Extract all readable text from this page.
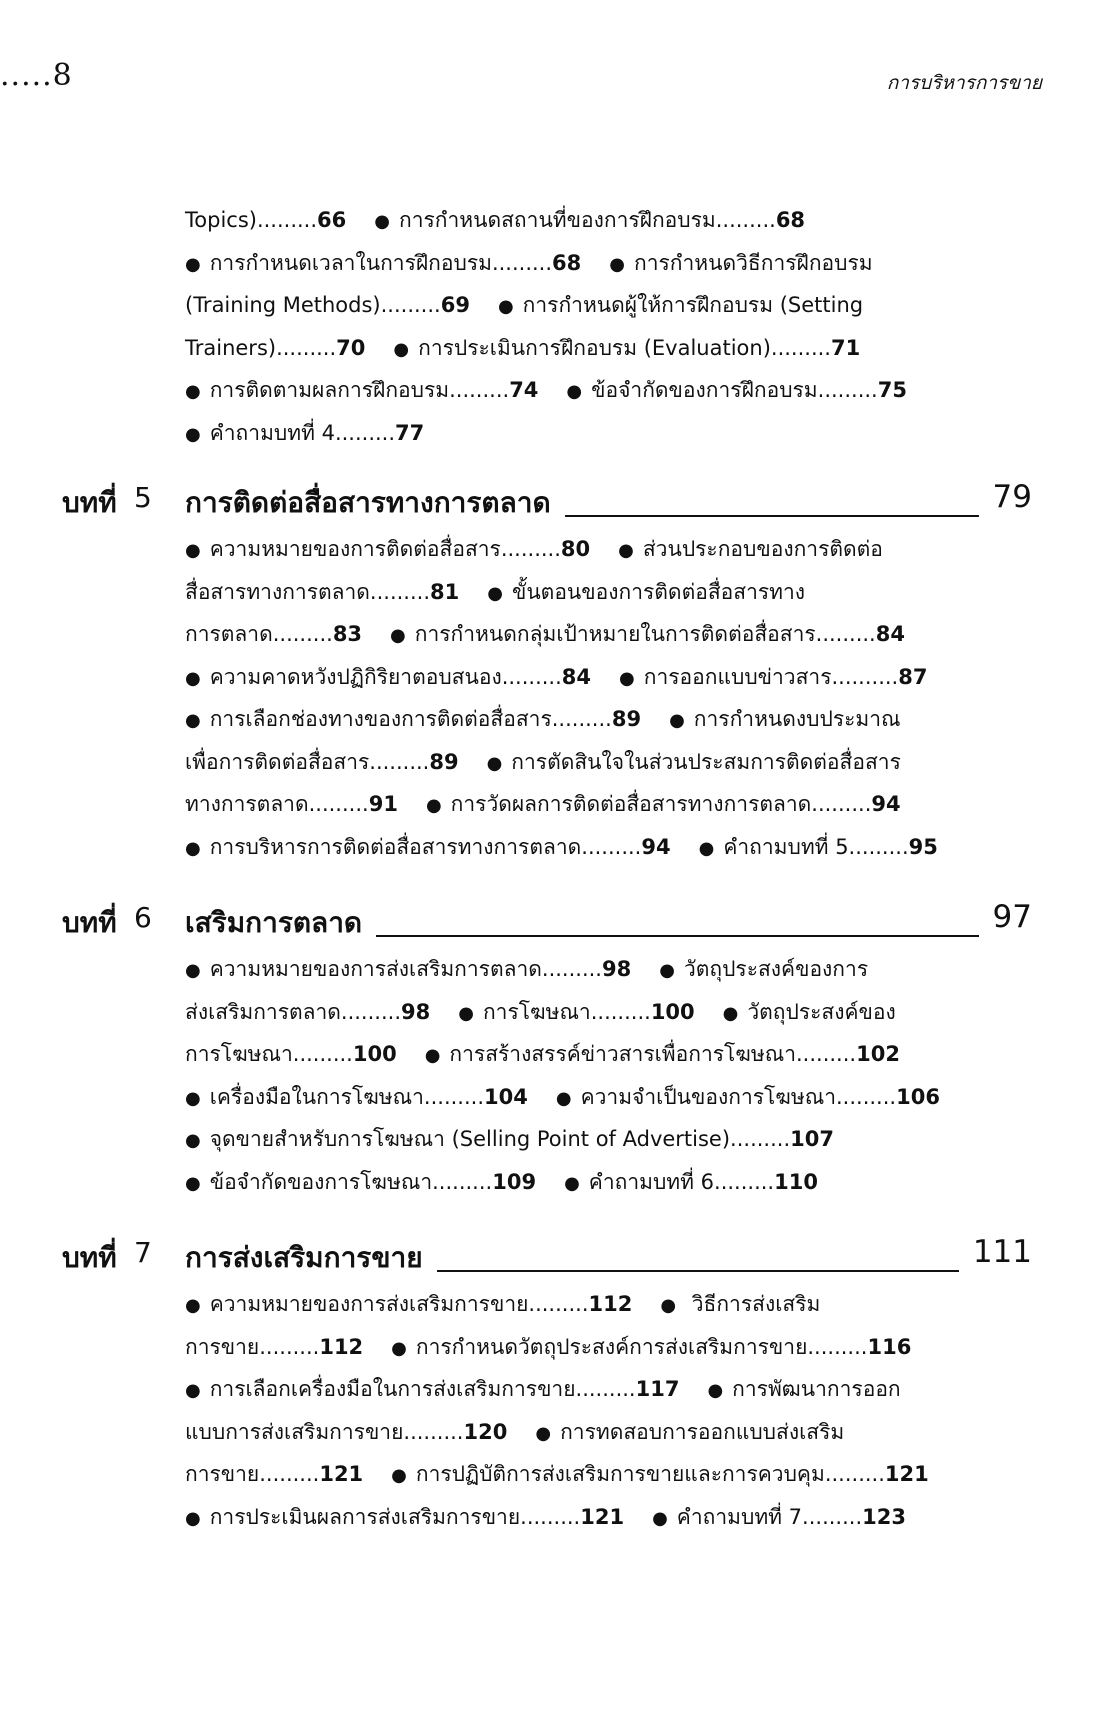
.....8	การบริหารการขาย
Topics).........66 ● การกำหนดสถานที่ของการฝึกอบรม.........68
● การกำหนดเวลาในการฝึกอบรม.........68 ● การกำหนดวิธีการฝึกอบรม
(Training Methods).........69 ● การกำหนดผู้ให้การฝึกอบรม (Setting
Trainers).........70 ● การประเมินการฝึกอบรม (Evaluation).........71
● การติดตามผลการฝึกอบรม.........74 ● ข้อจำกัดของการฝึกอบรม.........75
● คำถามบทที่ 4.........77
บทที่ 5 การติดต่อสื่อสารทางการตลาด	79
● ความหมายของการติดต่อสื่อสาร.........80 ● ส่วนประกอบของการติดต่อ
สื่อสารทางการตลาด.........81 ● ขั้นตอนของการติดต่อสื่อสารทาง
การตลาด.........83 ● การกำหนดกลุ่มเป้าหมายในการติดต่อสื่อสาร.........84
● ความคาดหวังปฏิกิริยาตอบสนอง.........84 ● การออกแบบข่าวสาร..........87
● การเลือกช่องทางของการติดต่อสื่อสาร.........89 ● การกำหนดงบประมาณ
เพื่อการติดต่อสื่อสาร.........89 ● การตัดสินใจในส่วนประสมการติดต่อสื่อสาร
ทางการตลาด.........91 ● การวัดผลการติดต่อสื่อสารทางการตลาด.........94
● การบริหารการติดต่อสื่อสารทางการตลาด.........94 ● คำถามบทที่ 5.........95
บทที่ 6 เสริมการตลาด	97
● ความหมายของการส่งเสริมการตลาด.........98 ● วัตถุประสงค์ของการ
ส่งเสริมการตลาด.........98 ● การโฆษณา.........100 ● วัตถุประสงค์ของ
การโฆษณา.........100 ● การสร้างสรรค์ข่าวสารเพื่อการโฆษณา.........102
● เครื่องมือในการโฆษณา.........104 ● ความจำเป็นของการโฆษณา.........106
● จุดขายสำหรับการโฆษณา (Selling Point of Advertise).........107
● ข้อจำกัดของการโฆษณา.........109 ● คำถามบทที่ 6.........110
บทที่ 7 การส่งเสริมการขาย	111
● ความหมายของการส่งเสริมการขาย.........112 ● วิธีการส่งเสริม
การขาย.........112 ● การกำหนดวัตถุประสงค์การส่งเสริมการขาย.........116
● การเลือกเครื่องมือในการส่งเสริมการขาย.........117 ● การพัฒนาการออก
แบบการส่งเสริมการขาย.........120 ● การทดสอบการออกแบบส่งเสริม
การขาย.........121 ● การปฏิบัติการส่งเสริมการขายและการควบคุม.........121
● การประเมินผลการส่งเสริมการขาย.........121 ● คำถามบทที่ 7.........123
